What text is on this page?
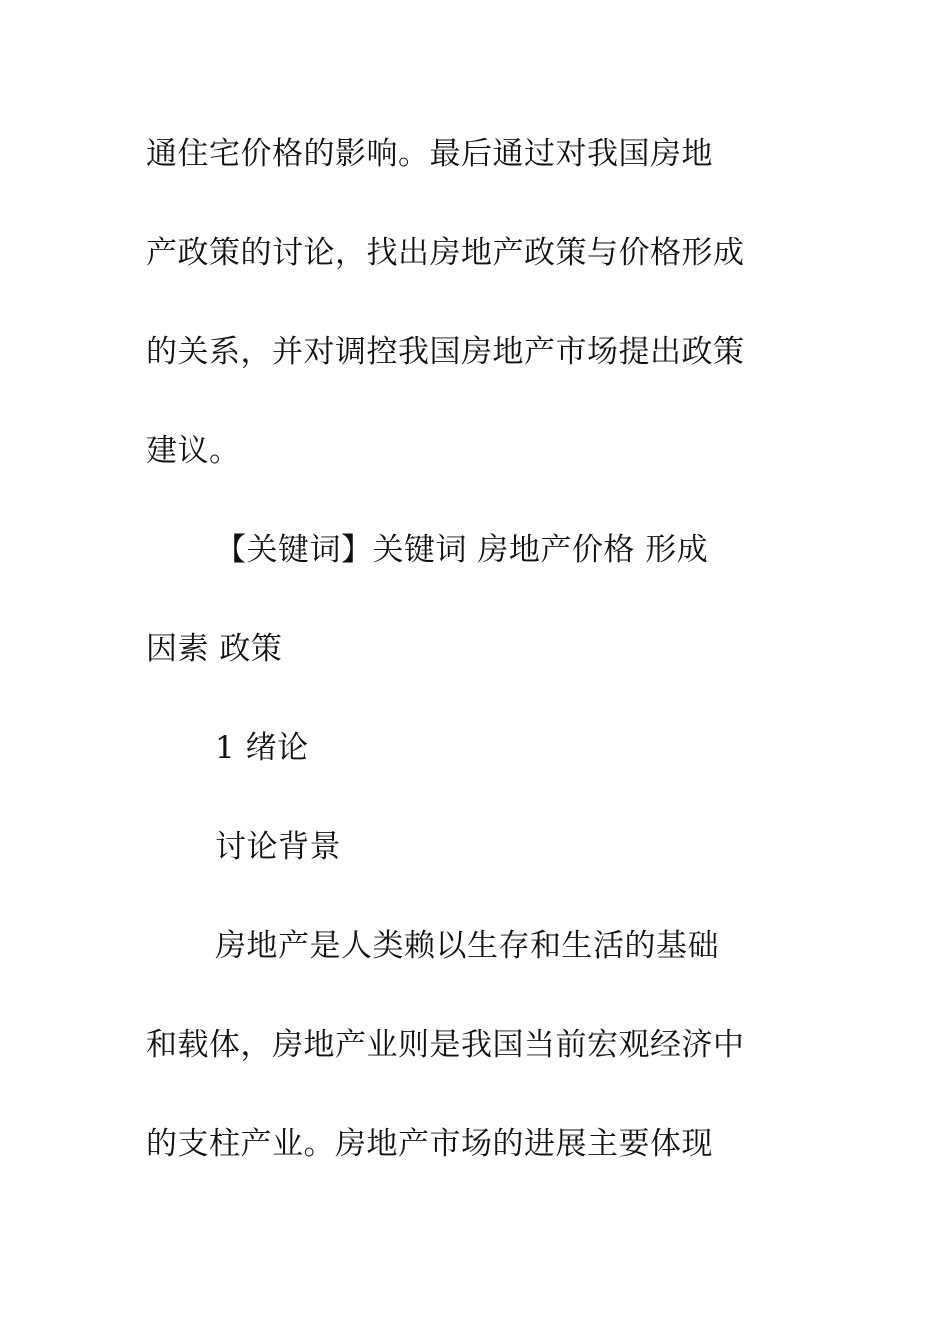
通住宅价格的影响。最后通过对我国房地
产政策的讨论，找出房地产政策与价格形成
的关系，并对调控我国房地产市场提出政策
建议。
【关键词】关键词 房地产价格 形成
因素 政策
1 绪论
讨论背景
房地产是人类赖以生存和生活的基础
和载体，房地产业则是我国当前宏观经济中
的支柱产业。房地产市场的进展主要体现
